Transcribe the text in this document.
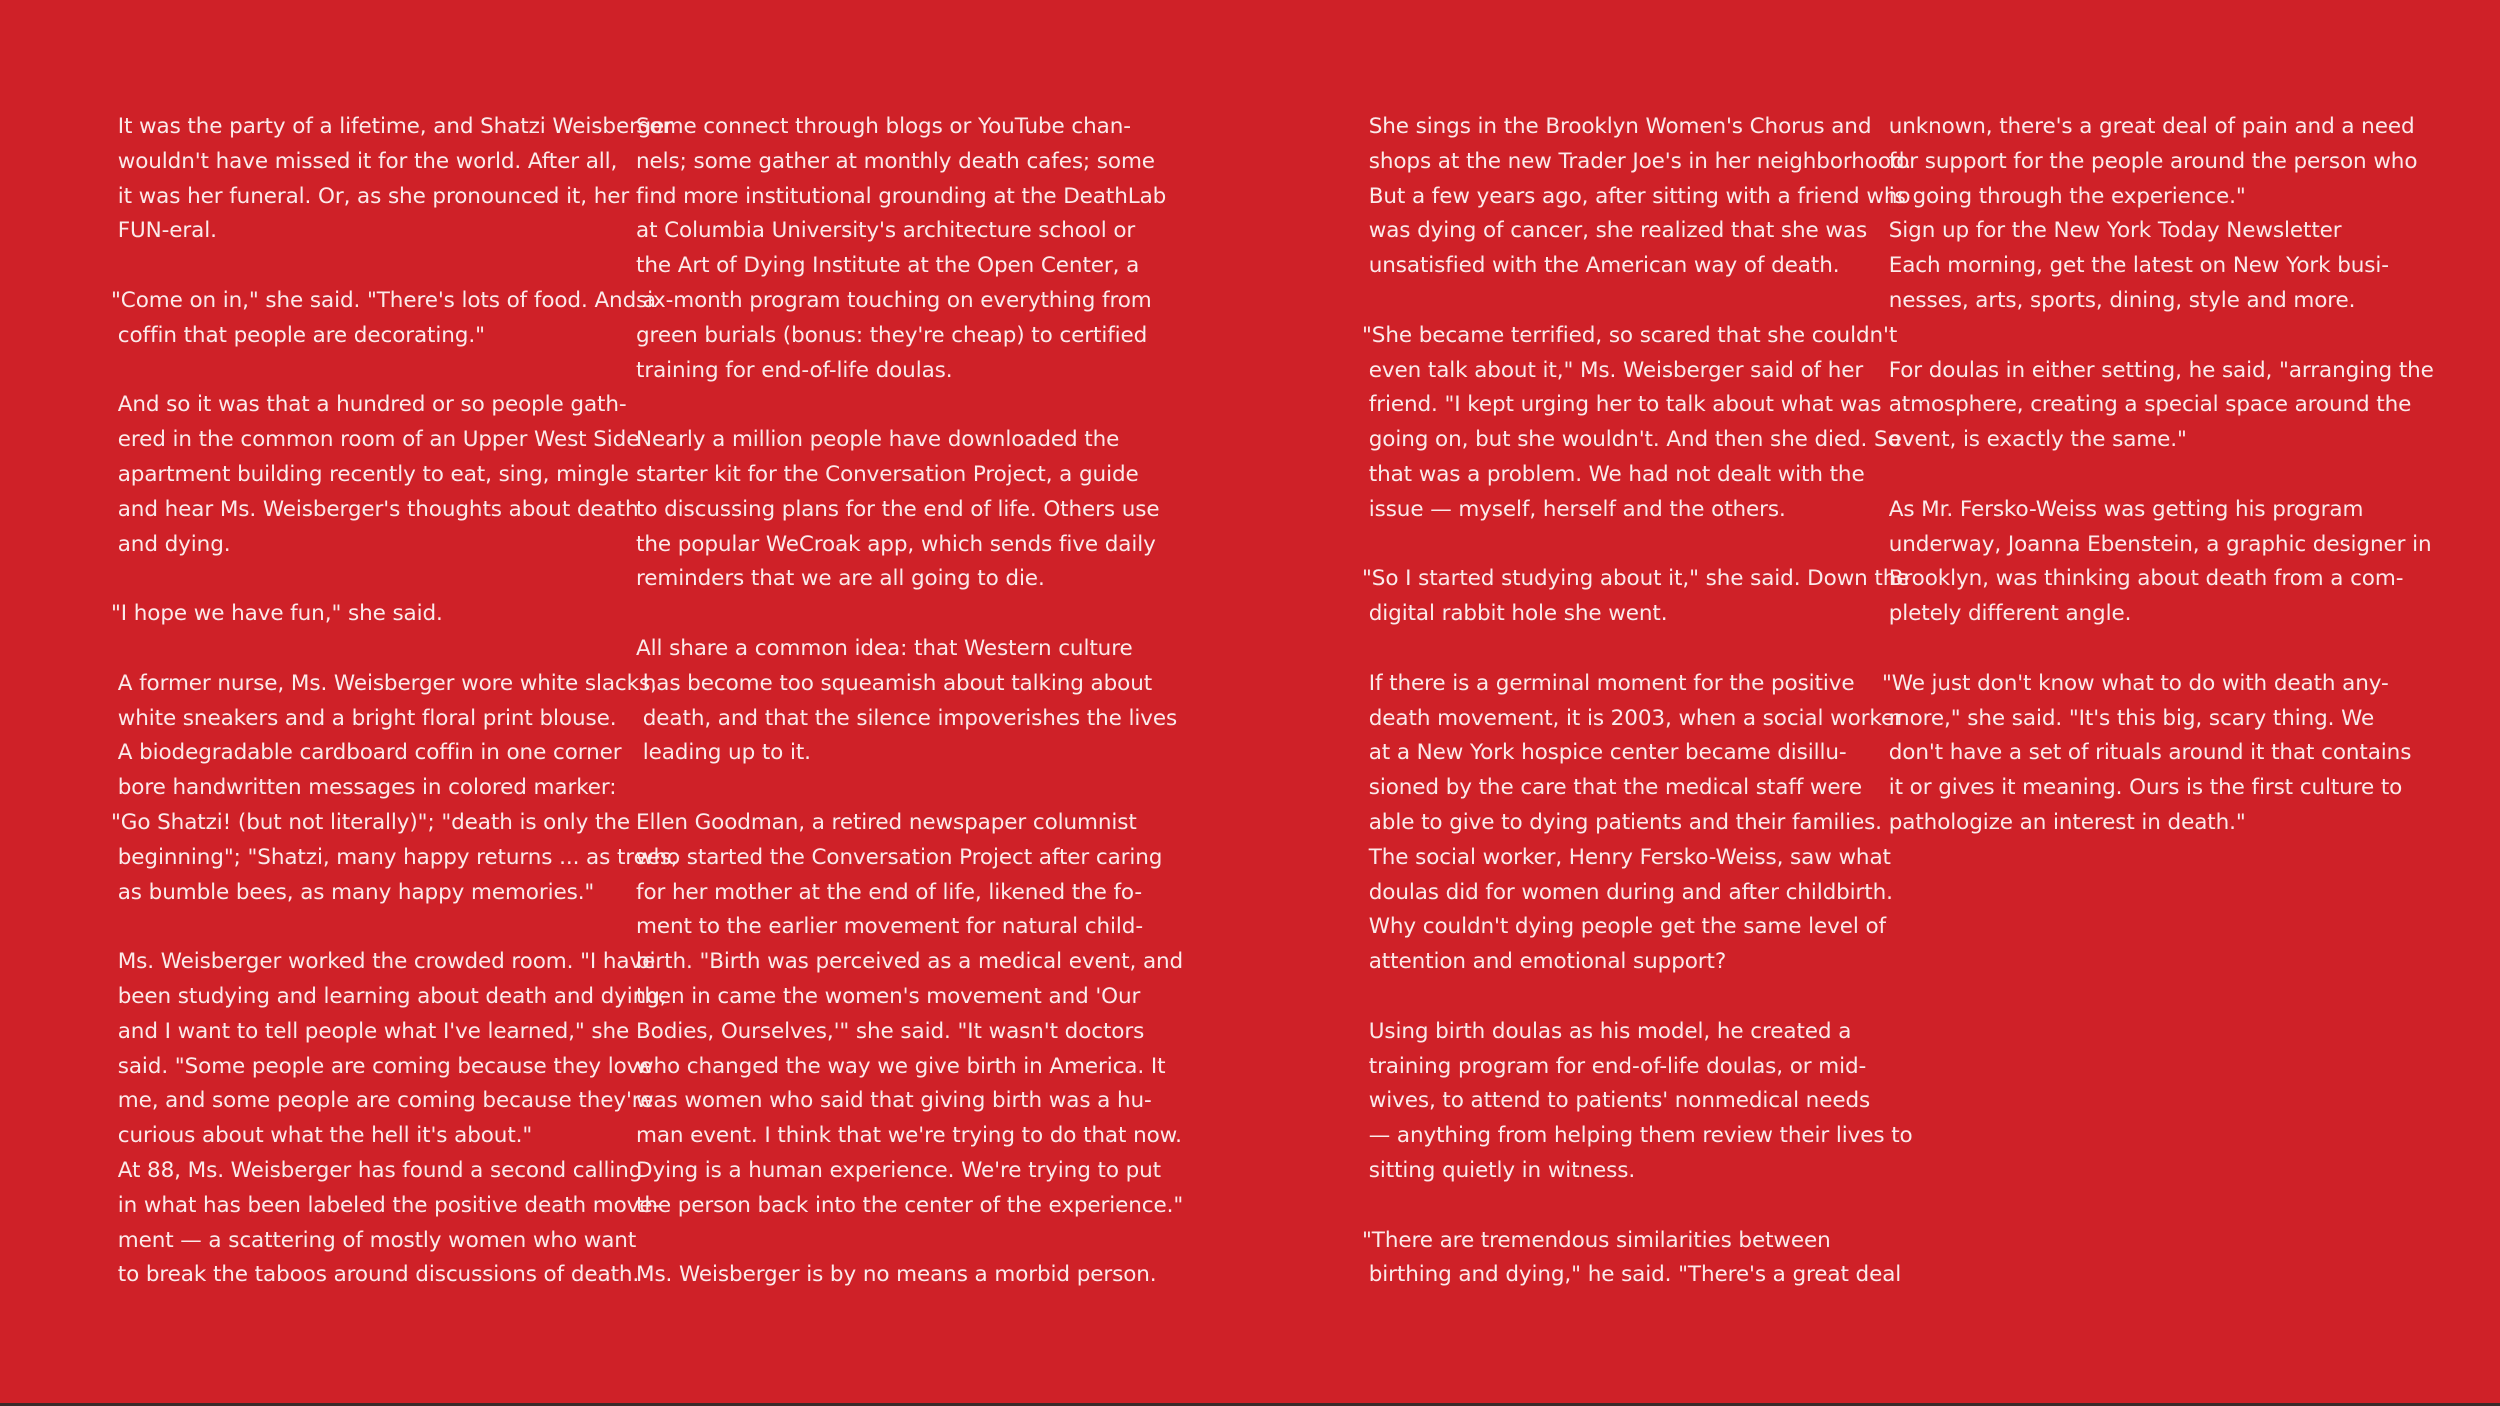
It was the party of a lifetime, and Shatzi Weisberger
wouldn't have missed it for the world. After all,
it was her funeral. Or, as she pronounced it, her
FUN-eral.

"Come on in," she said. "There's lots of food. And a
coffin that people are decorating."

And so it was that a hundred or so people gath-
ered in the common room of an Upper West Side
apartment building recently to eat, sing, mingle
and hear Ms. Weisberger's thoughts about death
and dying.

"I hope we have fun," she said.

A former nurse, Ms. Weisberger wore white slacks,
white sneakers and a bright floral print blouse.
A biodegradable cardboard coffin in one corner
bore handwritten messages in colored marker:
"Go Shatzi! (but not literally)"; "death is only the
beginning"; "Shatzi, many happy returns ... as trees,
as bumble bees, as many happy memories."

Ms. Weisberger worked the crowded room. "I have
been studying and learning about death and dying,
and I want to tell people what I've learned," she
said. "Some people are coming because they love
me, and some people are coming because they're
curious about what the hell it's about."
At 88, Ms. Weisberger has found a second calling
in what has been labeled the positive death move-
ment — a scattering of mostly women who want
to break the taboos around discussions of death.

Some connect through blogs or YouTube chan-
nels; some gather at monthly death cafes; some
find more institutional grounding at the DeathLab
at Columbia University's architecture school or
the Art of Dying Institute at the Open Center, a
six-month program touching on everything from
green burials (bonus: they're cheap) to certified
training for end-of-life doulas.

Nearly a million people have downloaded the
starter kit for the Conversation Project, a guide
to discussing plans for the end of life. Others use
the popular WeCroak app, which sends five daily
reminders that we are all going to die.

All share a common idea: that Western culture
has become too squeamish about talking about
death, and that the silence impoverishes the lives
leading up to it.

Ellen Goodman, a retired newspaper columnist
who started the Conversation Project after caring
for her mother at the end of life, likened the fo-
ment to the earlier movement for natural child-
birth. "Birth was perceived as a medical event, and
then in came the women's movement and 'Our
Bodies, Ourselves,'" she said. "It wasn't doctors
who changed the way we give birth in America. It
was women who said that giving birth was a hu-
man event. I think that we're trying to do that now.
Dying is a human experience. We're trying to put
the person back into the center of the experience."

Ms. Weisberger is by no means a morbid person.

She sings in the Brooklyn Women's Chorus and
shops at the new Trader Joe's in her neighborhood.
But a few years ago, after sitting with a friend who
was dying of cancer, she realized that she was
unsatisfied with the American way of death.

"She became terrified, so scared that she couldn't
even talk about it," Ms. Weisberger said of her
friend. "I kept urging her to talk about what was
going on, but she wouldn't. And then she died. So
that was a problem. We had not dealt with the
issue — myself, herself and the others.

"So I started studying about it," she said. Down the
digital rabbit hole she went.

If there is a germinal moment for the positive
death movement, it is 2003, when a social worker
at a New York hospice center became disillu-
sioned by the care that the medical staff were
able to give to dying patients and their families.
The social worker, Henry Fersko-Weiss, saw what
doulas did for women during and after childbirth.
Why couldn't dying people get the same level of
attention and emotional support?

Using birth doulas as his model, he created a
training program for end-of-life doulas, or mid-
wives, to attend to patients' nonmedical needs
— anything from helping them review their lives to
sitting quietly in witness.

"There are tremendous similarities between
birthing and dying," he said. "There's a great deal

unknown, there's a great deal of pain and a need
for support for the people around the person who
is going through the experience."
Sign up for the New York Today Newsletter
Each morning, get the latest on New York busi-
nesses, arts, sports, dining, style and more.

For doulas in either setting, he said, "arranging the
atmosphere, creating a special space around the
event, is exactly the same."

As Mr. Fersko-Weiss was getting his program
underway, Joanna Ebenstein, a graphic designer in
Brooklyn, was thinking about death from a com-
pletely different angle.

"We just don't know what to do with death any-
more," she said. "It's this big, scary thing. We
don't have a set of rituals around it that contains
it or gives it meaning. Ours is the first culture to
pathologize an interest in death."
